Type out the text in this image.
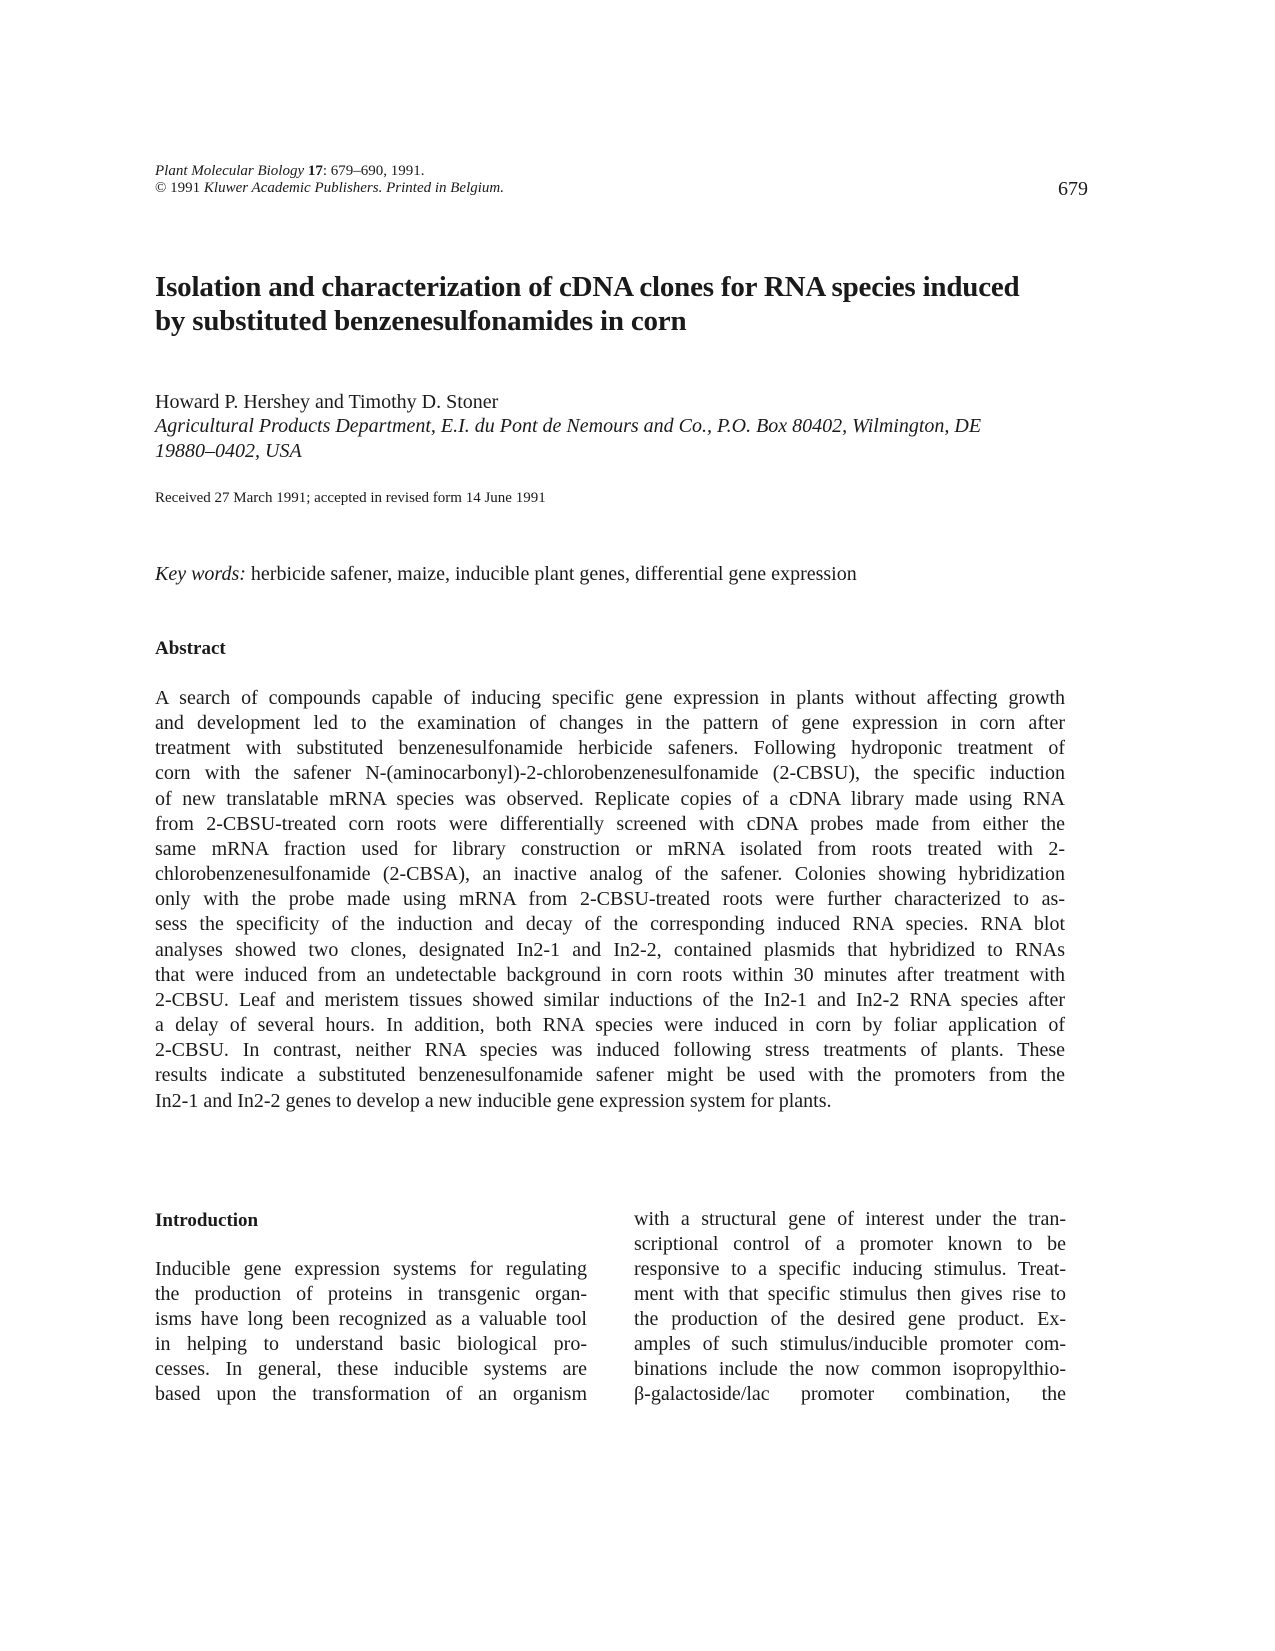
Plant Molecular Biology 17: 679–690, 1991.
© 1991 Kluwer Academic Publishers. Printed in Belgium.	679
Isolation and characterization of cDNA clones for RNA species induced
by substituted benzenesulfonamides in corn
Howard P. Hershey and Timothy D. Stoner
Agricultural Products Department, E.I. du Pont de Nemours and Co., P.O. Box 80402, Wilmington, DE
19880–0402, USA
Received 27 March 1991; accepted in revised form 14 June 1991
Key words: herbicide safener, maize, inducible plant genes, differential gene expression
Abstract
A search of compounds capable of inducing specific gene expression in plants without affecting growth
and development led to the examination of changes in the pattern of gene expression in corn after
treatment with substituted benzenesulfonamide herbicide safeners. Following hydroponic treatment of
corn with the safener N-(aminocarbonyl)-2-chlorobenzenesulfonamide (2-CBSU), the specific induction
of new translatable mRNA species was observed. Replicate copies of a cDNA library made using RNA
from 2-CBSU-treated corn roots were differentially screened with cDNA probes made from either the
same mRNA fraction used for library construction or mRNA isolated from roots treated with 2-
chlorobenzenesulfonamide (2-CBSA), an inactive analog of the safener. Colonies showing hybridization
only with the probe made using mRNA from 2-CBSU-treated roots were further characterized to as-
sess the specificity of the induction and decay of the corresponding induced RNA species. RNA blot
analyses showed two clones, designated In2-1 and In2-2, contained plasmids that hybridized to RNAs
that were induced from an undetectable background in corn roots within 30 minutes after treatment with
2-CBSU. Leaf and meristem tissues showed similar inductions of the In2-1 and In2-2 RNA species after
a delay of several hours. In addition, both RNA species were induced in corn by foliar application of
2-CBSU. In contrast, neither RNA species was induced following stress treatments of plants. These
results indicate a substituted benzenesulfonamide safener might be used with the promoters from the
In2-1 and In2-2 genes to develop a new inducible gene expression system for plants.
Introduction
Inducible gene expression systems for regulating
the production of proteins in transgenic organ-
isms have long been recognized as a valuable tool
in helping to understand basic biological pro-
cesses. In general, these inducible systems are
based upon the transformation of an organism
with a structural gene of interest under the tran-
scriptional control of a promoter known to be
responsive to a specific inducing stimulus. Treat-
ment with that specific stimulus then gives rise to
the production of the desired gene product. Ex-
amples of such stimulus/inducible promoter com-
binations include the now common isopropylthio-
β-galactoside/lac promoter combination, the
